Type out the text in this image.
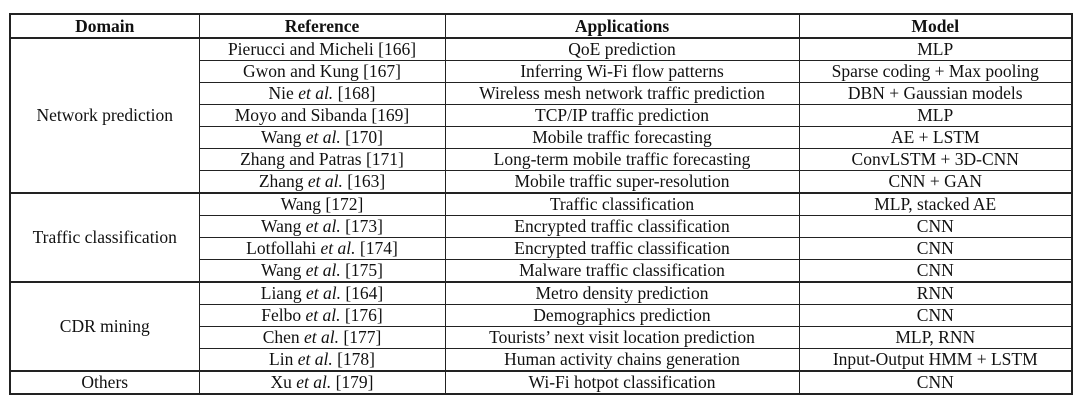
Domain	Reference	Applications	Model
Network prediction	Pierucci and Micheli [166]	QoE prediction	MLP
	Gwon and Kung [167]	Inferring Wi-Fi flow patterns	Sparse coding + Max pooling
	Nie et al. [168]	Wireless mesh network traffic prediction	DBN + Gaussian models
	Moyo and Sibanda [169]	TCP/IP traffic prediction	MLP
	Wang et al. [170]	Mobile traffic forecasting	AE + LSTM
	Zhang and Patras [171]	Long-term mobile traffic forecasting	ConvLSTM + 3D-CNN
	Zhang et al. [163]	Mobile traffic super-resolution	CNN + GAN
Traffic classification	Wang [172]	Traffic classification	MLP, stacked AE
	Wang et al. [173]	Encrypted traffic classification	CNN
	Lotfollahi et al. [174]	Encrypted traffic classification	CNN
	Wang et al. [175]	Malware traffic classification	CNN
CDR mining	Liang et al. [164]	Metro density prediction	RNN
	Felbo et al. [176]	Demographics prediction	CNN
	Chen et al. [177]	Tourists’ next visit location prediction	MLP, RNN
	Lin et al. [178]	Human activity chains generation	Input-Output HMM + LSTM
Others	Xu et al. [179]	Wi-Fi hotpot classification	CNN
